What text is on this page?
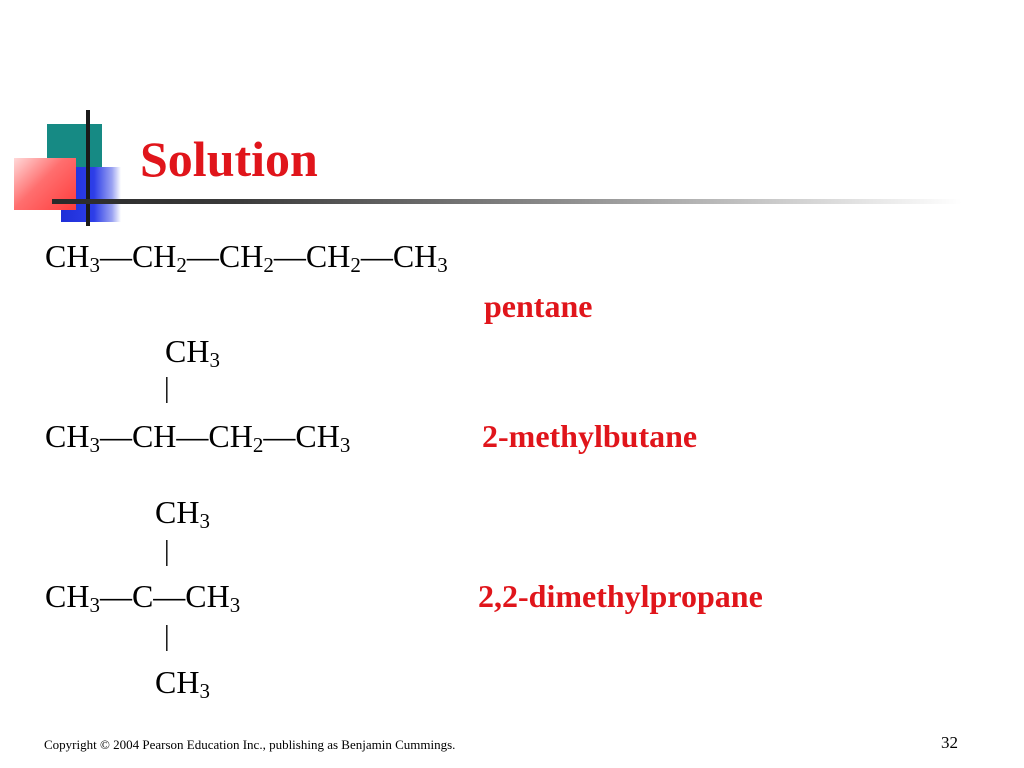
Solution
$CH_3—CH_2—CH_2—CH_2—CH_3$
pentane
$CH_3$
|
$CH_3—CH—CH_2—CH_3$	2-methylbutane
$CH_3$
|
$CH_3—C—CH_3$	2,2-dimethylpropane
|
$CH_3$
Copyright © 2004 Pearson Education Inc., publishing as Benjamin Cummings.	32
